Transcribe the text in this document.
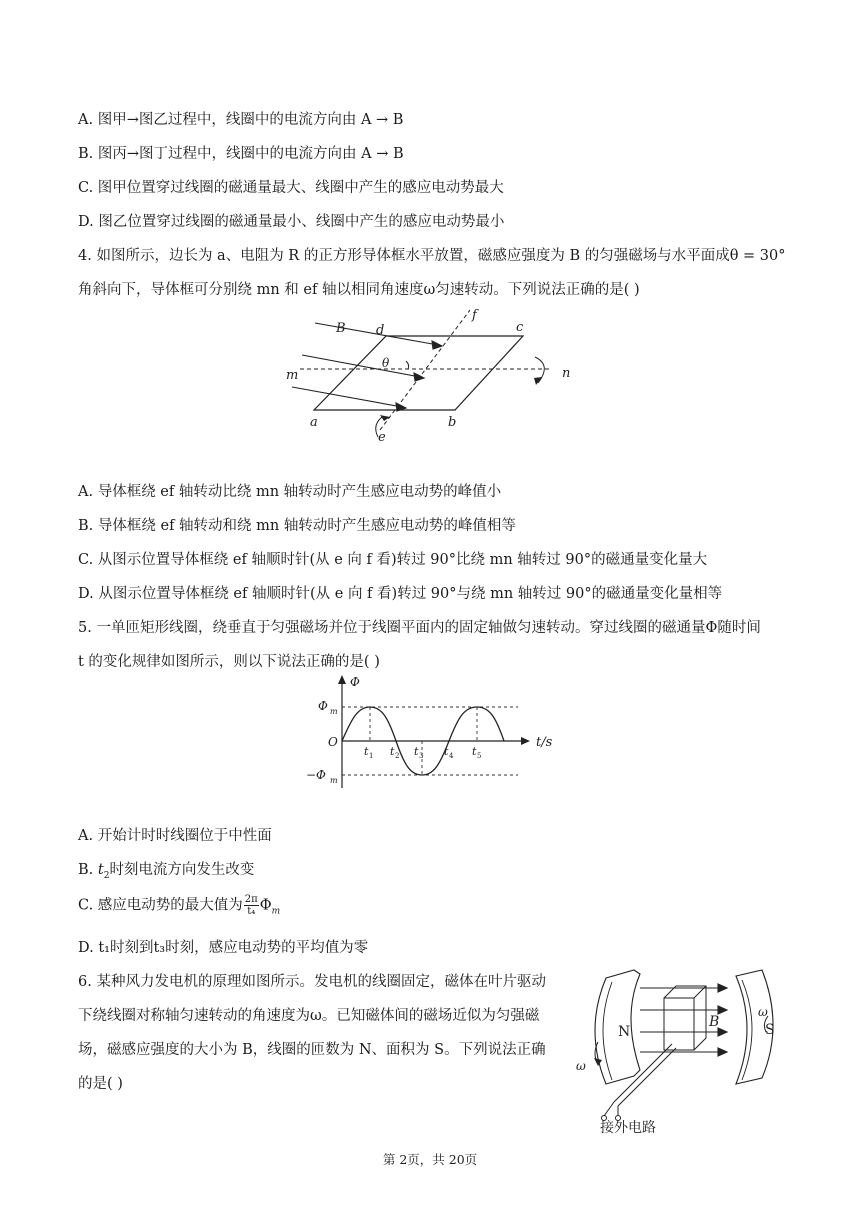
A. 图甲→图乙过程中，线圈中的电流方向由 A → B
B. 图丙→图丁过程中，线圈中的电流方向由 A → B
C. 图甲位置穿过线圈的磁通量最大、线圈中产生的感应电动势最大
D. 图乙位置穿过线圈的磁通量最小、线圈中产生的感应电动势最小
4. 如图所示，边长为 a、电阻为 R 的正方形导体框水平放置，磁感应强度为 B 的匀强磁场与水平面成θ = 30°
角斜向下，导体框可分别绕 mn 和 ef 轴以相同角速度ω匀速转动。下列说法正确的是( )
B d	c
f
θ
m	n
a	b
e
A. 导体框绕 ef 轴转动比绕 mn 轴转动时产生感应电动势的峰值小
B. 导体框绕 ef 轴转动和绕 mn 轴转动时产生感应电动势的峰值相等
C. 从图示位置导体框绕 ef 轴顺时针(从 e 向 f 看)转过 90°比绕 mn 轴转过 90°的磁通量变化量大
D. 从图示位置导体框绕 ef 轴顺时针(从 e 向 f 看)转过 90°与绕 mn 轴转过 90°的磁通量变化量相等
5. 一单匝矩形线圈，绕垂直于匀强磁场并位于线圈平面内的固定轴做匀速转动。穿过线圈的磁通量Φ随时间
t 的变化规律如图所示，则以下说法正确的是( )
Φ
Φ m
O
−Φ m
t/s
t 1 t 2 t 3 t 4 t 5
A. 开始计时时线圈位于中性面
B. $t_2$时刻电流方向发生改变
C. 感应电动势的最大值为 $\frac{2\pi}{\text{t₄}} \Phi_m$
D. t₁时刻到t₃时刻，感应电动势的平均值为零
6. 某种风力发电机的原理如图所示。发电机的线圈固定，磁体在叶片驱动
下绕线圈对称轴匀速转动的角速度为ω。已知磁体间的磁场近似为匀强磁
场，磁感应强度的大小为 B，线圈的匝数为 N、面积为 S。下列说法正确
的是( )
N	S
B
ω
ω
接外电路
第 2页，共 20页
